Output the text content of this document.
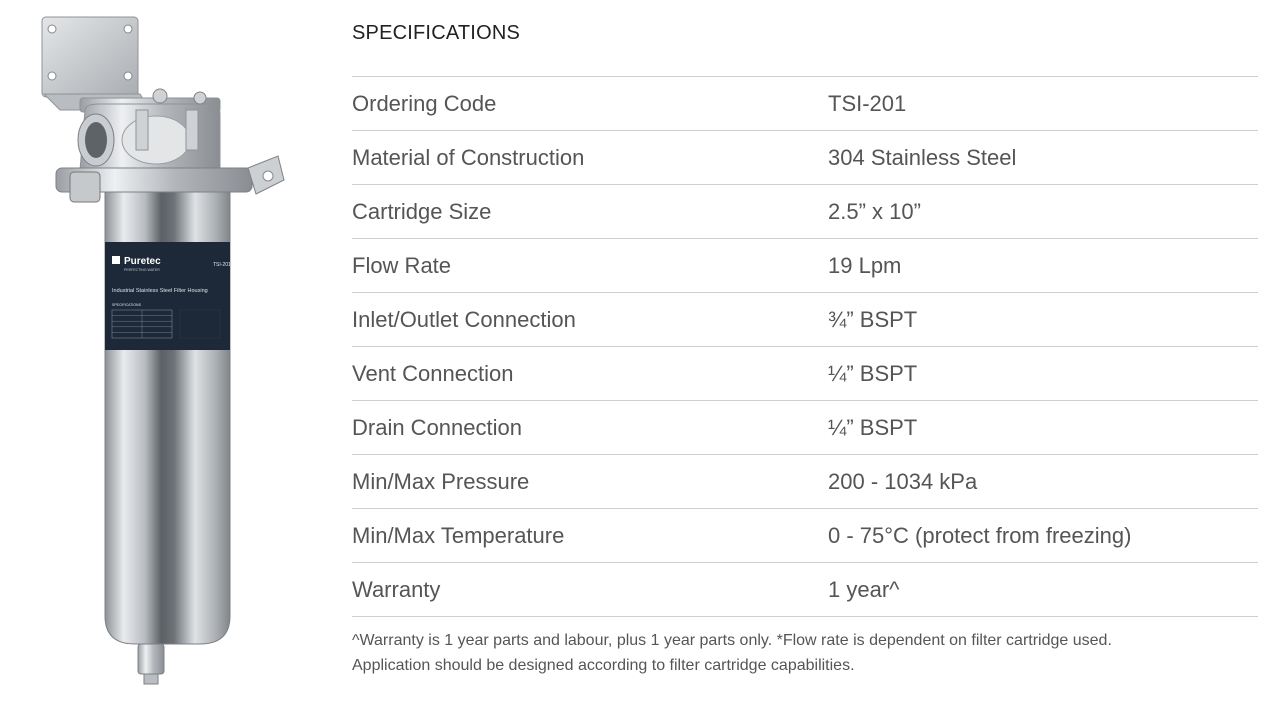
Puretec
PERFECTING WATER
TSI-201
Industrial Stainless Steel Filter Housing
SPECIFICATIONS
SPECIFICATIONS
Ordering Code	TSI-201
Material of Construction	304 Stainless Steel
Cartridge Size	2.5” x 10”
Flow Rate	19 Lpm
Inlet/Outlet Connection	¾” BSPT
Vent Connection	¼” BSPT
Drain Connection	¼” BSPT
Min/Max Pressure	200 - 1034 kPa
Min/Max Temperature	0 - 75°C (protect from freezing)
Warranty	1 year^
^Warranty is 1 year parts and labour, plus 1 year parts only. *Flow rate is dependent on filter cartridge used.
Application should be designed according to filter cartridge capabilities.
